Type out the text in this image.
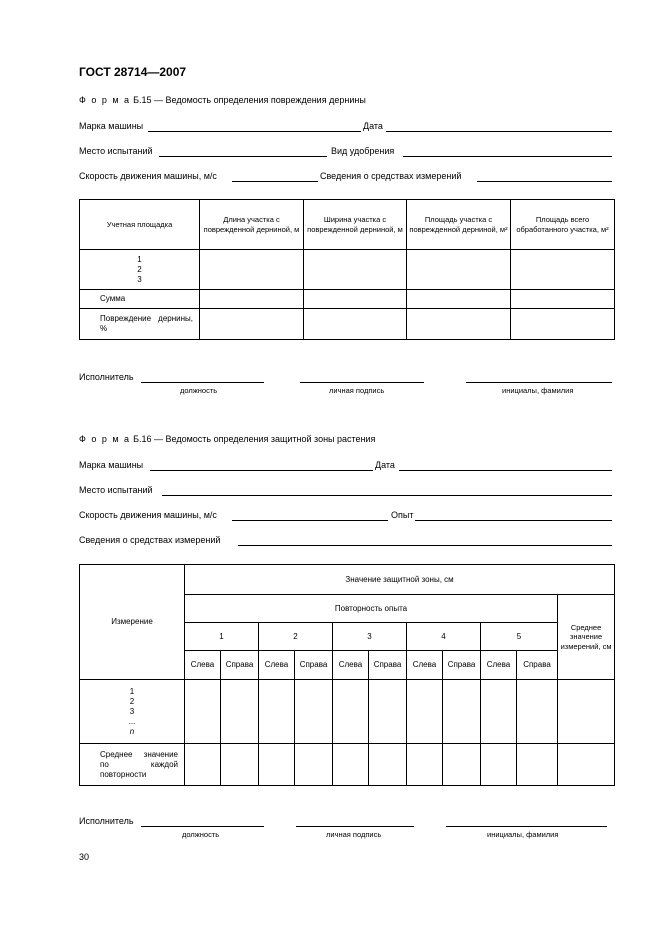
ГОСТ 28714—2007
Ф о р м а Б.15 — Ведомость определения повреждения дернины
Марка машины	Дата
Место испытаний	Вид удобрения
Скорость движения машины, м/с	Сведения о средствах измерений
Учетная площадка	Длина участка с поврежденной дерниной, м	Ширина участка с поврежденной дерниной, м	Площадь участка с поврежденной дерниной, м²	Площадь всего обработанного участка, м²

1
2
3				

Сумма				
Повреждение дернины, %				
Исполнитель
должность	личная подпись	инициалы, фамилия
Ф о р м а Б.16 — Ведомость определения защитной зоны растения
Марка машины	Дата
Место испытаний
Скорость движения машины, м/с	Опыт
Сведения о средствах измерений
Измерение	Значение защитной зоны, см										
	Повторность опыта										Среднее значение измерений, см
	1		2		3		4		5		
	Слева	Справа	Слева	Справа	Слева	Справа	Слева	Справа	Слева	Справа	

1
2
3
...
n											

Среднее значение по каждой повторности											
Исполнитель
должность	личная подпись	инициалы, фамилия
30
